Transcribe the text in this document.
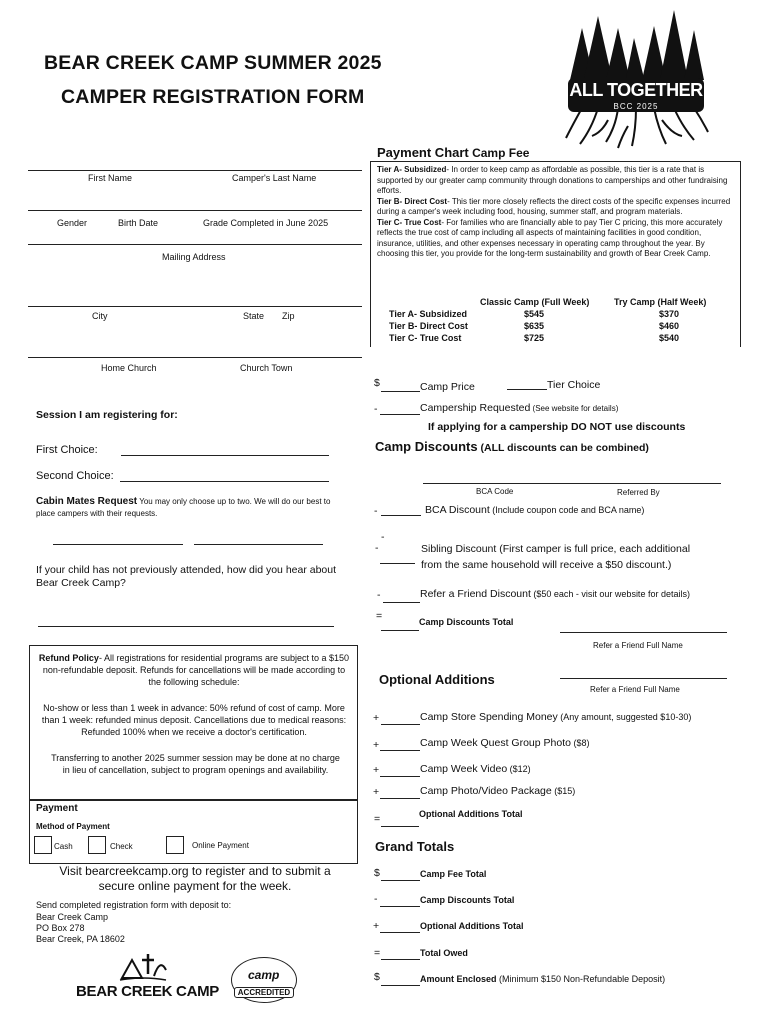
BEAR CREEK CAMP SUMMER 2025
CAMPER REGISTRATION FORM	ALL TOGETHER
BCC 2025
First Name	Camper's Last Name
Gender	Birth Date	Grade Completed in June 2025
Mailing Address
City	State Zip
Home Church	Church Town
Session I am registering for:
First Choice:
Second Choice:
Cabin Mates Request You may only choose up to two. We will do our best to place campers with their requests.
If your child has not previously attended, how did you hear about Bear Creek Camp?
Refund Policy- All registrations for residential programs are subject to a $150 non-refundable deposit. Refunds for cancellations will be made according to the following schedule:
No-show or less than 1 week in advance: 50% refund of cost of camp. More than 1 week: refunded minus deposit. Cancellations due to medical reasons: Refunded 100% when we receive a doctor's certification.
Transferring to another 2025 summer session may be done at no charge in lieu of cancellation, subject to program openings and availability.
Payment
Method of Payment
Cash	Check	Online Payment
Visit bearcreekcamp.org to register and to submit a secure online payment for the week.
Send completed registration form with deposit to:
Bear Creek Camp
PO Box 278
Bear Creek, PA 18602
BEAR CREEK CAMP
camp
ACCREDITED
Payment Chart Camp Fee
Tier A- Subsidized- In order to keep camp as affordable as possible, this tier is a rate that is supported by our greater camp community through donations to camperships and other fundraising efforts.
Tier B- Direct Cost- This tier more closely reflects the direct costs of the specific expenses incurred during a camper's week including food, housing, summer staff, and program materials.
Tier C- True Cost- For families who are financially able to pay Tier C pricing, this more accurately reflects the true cost of camp including all aspects of maintaining facilities in good condition, insurance, utilities, and other expenses necessary in operating camp throughout the year. By choosing this tier, you provide for the long-term sustainability and growth of Bear Creek Camp.
Classic Camp (Full Week)	Try Camp (Half Week)
Tier A- Subsidized	$545	$370
Tier B- Direct Cost	$635	$460
Tier C- True Cost	$725	$540
$	Camp Price	Tier Choice
-	Campership Requested (See website for details)
If applying for a campership DO NOT use discounts
Camp Discounts (ALL discounts can be combined)
BCA Code	Referred By
-	BCA Discount (Include coupon code and BCA name)
-
-	Sibling Discount (First camper is full price, each additional
from the same household will receive a $50 discount.)
-	Refer a Friend Discount ($50 each - visit our website for details)
=	Camp Discounts Total
Refer a Friend Full Name
Optional Additions
Refer a Friend Full Name
+	Camp Store Spending Money (Any amount, suggested $10-30)
+	Camp Week Quest Group Photo ($8)
+	Camp Week Video ($12)
+	Camp Photo/Video Package ($15)
=	Optional Additions Total
Grand Totals
$	Camp Fee Total
-	Camp Discounts Total
+	Optional Additions Total
=	Total Owed
$	Amount Enclosed (Minimum $150 Non-Refundable Deposit)
